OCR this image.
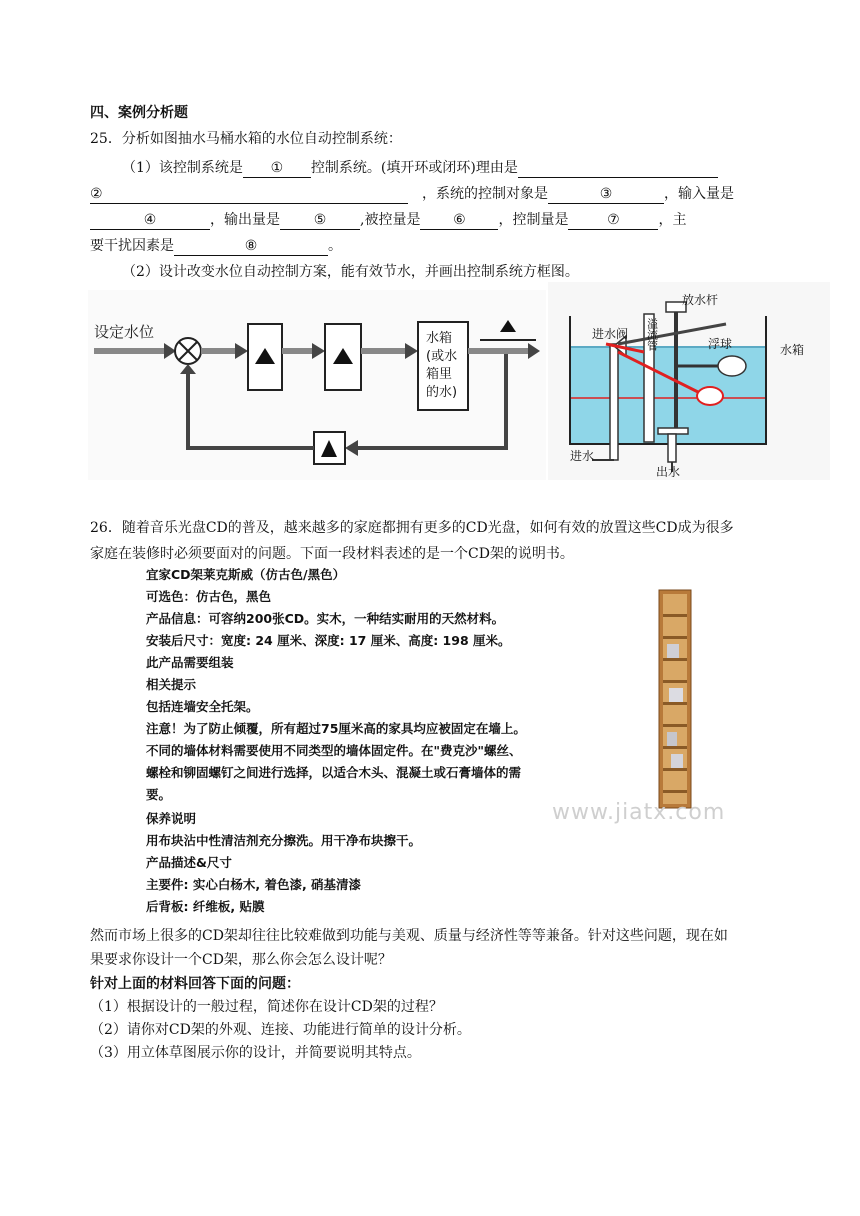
四、案例分析题
25．分析如图抽水马桶水箱的水位自动控制系统：
（1）该控制系统是 ① 控制系统。(填开环或闭环)理由是
②	，系统的控制对象是	③	，输入量是
④	，输出量是 ⑤ ,被控量是 ⑥ ，控制量是	⑦	，主
要干扰因素是	⑧	。
（2）设计改变水位自动控制方案，能有效节水，并画出控制系统方框图。
设定水位	水箱
(或水
箱里
的水)
放水杆
溢流管
进水阀
浮球	水箱
进水
出水
26．随着音乐光盘CD的普及，越来越多的家庭都拥有更多的CD光盘，如何有效的放置这些CD成为很多
家庭在装修时必须要面对的问题。下面一段材料表述的是一个CD架的说明书。
宜家CD架莱克斯威（仿古色/黑色）
可选色：仿古色，黑色
产品信息：可容纳200张CD。实木，一种结实耐用的天然材料。
安装后尺寸：宽度: 24 厘米、深度: 17 厘米、高度: 198 厘米。
此产品需要组装
相关提示
包括连墙安全托架。
注意！为了防止倾覆，所有超过75厘米高的家具均应被固定在墙上。
不同的墙体材料需要使用不同类型的墙体固定件。在"费克沙"螺丝、
螺栓和铆固螺钉之间进行选择，以适合木头、混凝土或石膏墙体的需
要。
保养说明
用布块沾中性清洁剂充分擦洗。用干净布块擦干。
产品描述&尺寸
主要件: 实心白杨木, 着色漆, 硝基清漆
后背板: 纤维板, 贴膜
www.jiatx.com
然而市场上很多的CD架却往往比较难做到功能与美观、质量与经济性等等兼备。针对这些问题，现在如
果要求你设计一个CD架，那么你会怎么设计呢？
针对上面的材料回答下面的问题：
（1）根据设计的一般过程，简述你在设计CD架的过程？
（2）请你对CD架的外观、连接、功能进行简单的设计分析。
（3）用立体草图展示你的设计，并简要说明其特点。
